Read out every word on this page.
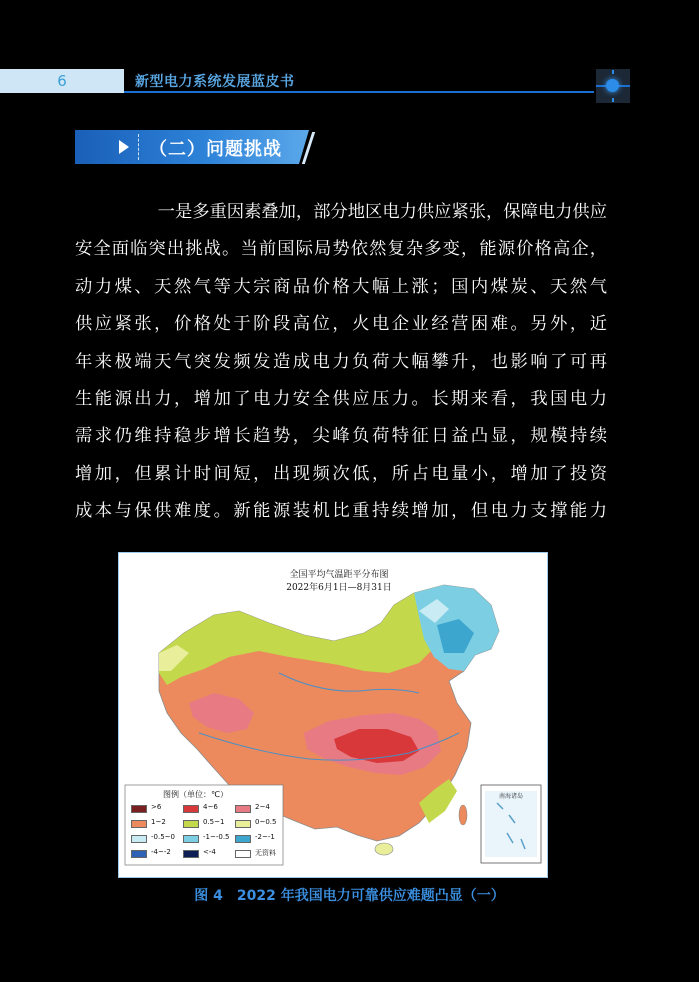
6	新型电力系统发展蓝皮书
（二）问题挑战
一是多重因素叠加，部分地区电力供应紧张，保障电力供应
安全面临突出挑战。当前国际局势依然复杂多变，能源价格高企，
动力煤、天然气等大宗商品价格大幅上涨；国内煤炭、天然气
供应紧张，价格处于阶段高位，火电企业经营困难。另外，近
年来极端天气突发频发造成电力负荷大幅攀升，也影响了可再
生能源出力，增加了电力安全供应压力。长期来看，我国电力
需求仍维持稳步增长趋势，尖峰负荷特征日益凸显，规模持续
增加，但累计时间短，出现频次低，所占电量小，增加了投资
成本与保供难度。新能源装机比重持续增加，但电力支撑能力
全国平均气温距平分布图
2022年6月1日—8月31日
图例（单位：℃）
>6	4~6	2~4
1~2	0.5~1	0~0.5
-0.5~0	-1~-0.5	-2~-1
-4~-2	<-4	无资料
南海诸岛
图 4　2022 年我国电力可靠供应难题凸显（一）
